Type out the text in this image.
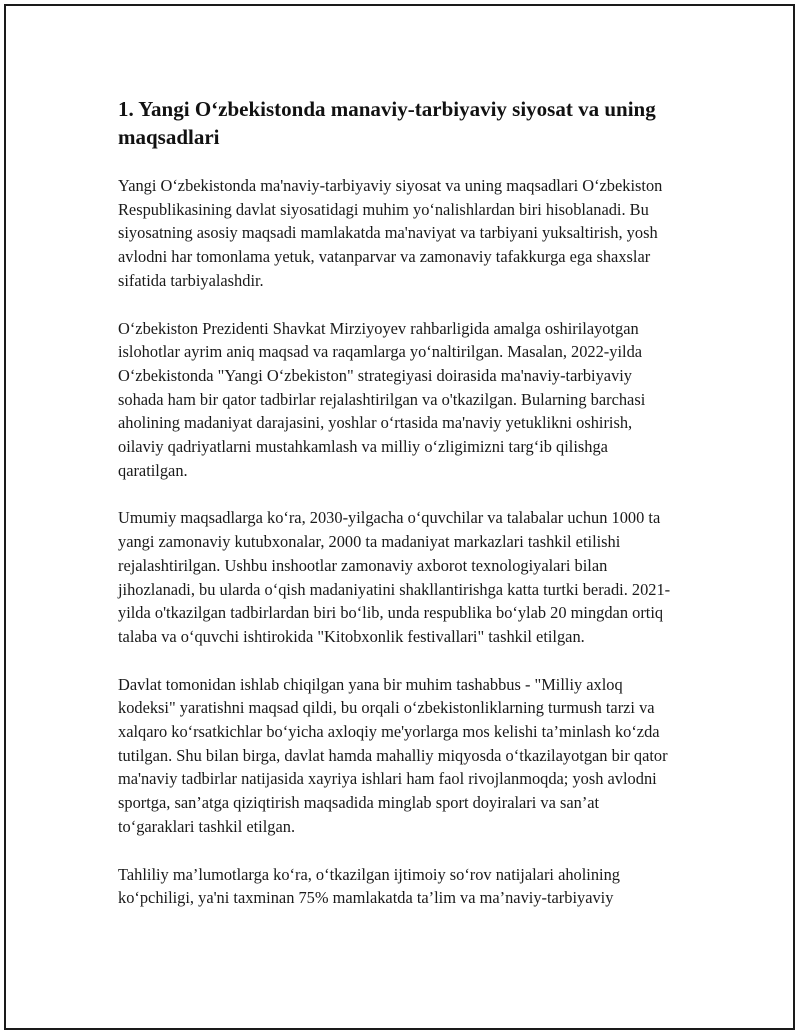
1. Yangi O‘zbekistonda manaviy-tarbiyaviy siyosat va uning maqsadlari

Yangi O‘zbekistonda ma'naviy-tarbiyaviy siyosat va uning maqsadlari O‘zbekiston Respublikasining davlat siyosatidagi muhim yo‘nalishlardan biri hisoblanadi. Bu siyosatning asosiy maqsadi mamlakatda ma'naviyat va tarbiyani yuksaltirish, yosh avlodni har tomonlama yetuk, vatanparvar va zamonaviy tafakkurga ega shaxslar sifatida tarbiyalashdir.

O‘zbekiston Prezidenti Shavkat Mirziyoyev rahbarligida amalga oshirilayotgan islohotlar ayrim aniq maqsad va raqamlarga yo‘naltirilgan. Masalan, 2022-yilda O‘zbekistonda "Yangi O‘zbekiston" strategiyasi doirasida ma'naviy-tarbiyaviy sohada ham bir qator tadbirlar rejalashtirilgan va o'tkazilgan. Bularning barchasi aholining madaniyat darajasini, yoshlar o‘rtasida ma'naviy yetuklikni oshirish, oilaviy qadriyatlarni mustahkamlash va milliy o‘zligimizni targ‘ib qilishga qaratilgan.

Umumiy maqsadlarga ko‘ra, 2030-yilgacha o‘quvchilar va talabalar uchun 1000 ta yangi zamonaviy kutubxonalar, 2000 ta madaniyat markazlari tashkil etilishi rejalashtirilgan. Ushbu inshootlar zamonaviy axborot texnologiyalari bilan jihozlanadi, bu ularda o‘qish madaniyatini shakllantirishga katta turtki beradi. 2021-yilda o'tkazilgan tadbirlardan biri bo‘lib, unda respublika bo‘ylab 20 mingdan ortiq talaba va o‘quvchi ishtirokida "Kitobxonlik festivallari" tashkil etilgan.

Davlat tomonidan ishlab chiqilgan yana bir muhim tashabbus - "Milliy axloq kodeksi" yaratishni maqsad qildi, bu orqali o‘zbekistonliklarning turmush tarzi va xalqaro ko‘rsatkichlar bo‘yicha axloqiy me'yorlarga mos kelishi ta’minlash ko‘zda tutilgan. Shu bilan birga, davlat hamda mahalliy miqyosda o‘tkazilayotgan bir qator ma'naviy tadbirlar natijasida xayriya ishlari ham faol rivojlanmoqda; yosh avlodni sportga, san’atga qiziqtirish maqsadida minglab sport doyiralari va san’at to‘garaklari tashkil etilgan.

Tahliliy ma’lumotlarga ko‘ra, o‘tkazilgan ijtimoiy so‘rov natijalari aholining ko‘pchiligi, ya'ni taxminan 75% mamlakatda ta’lim va ma’naviy-tarbiyaviy
